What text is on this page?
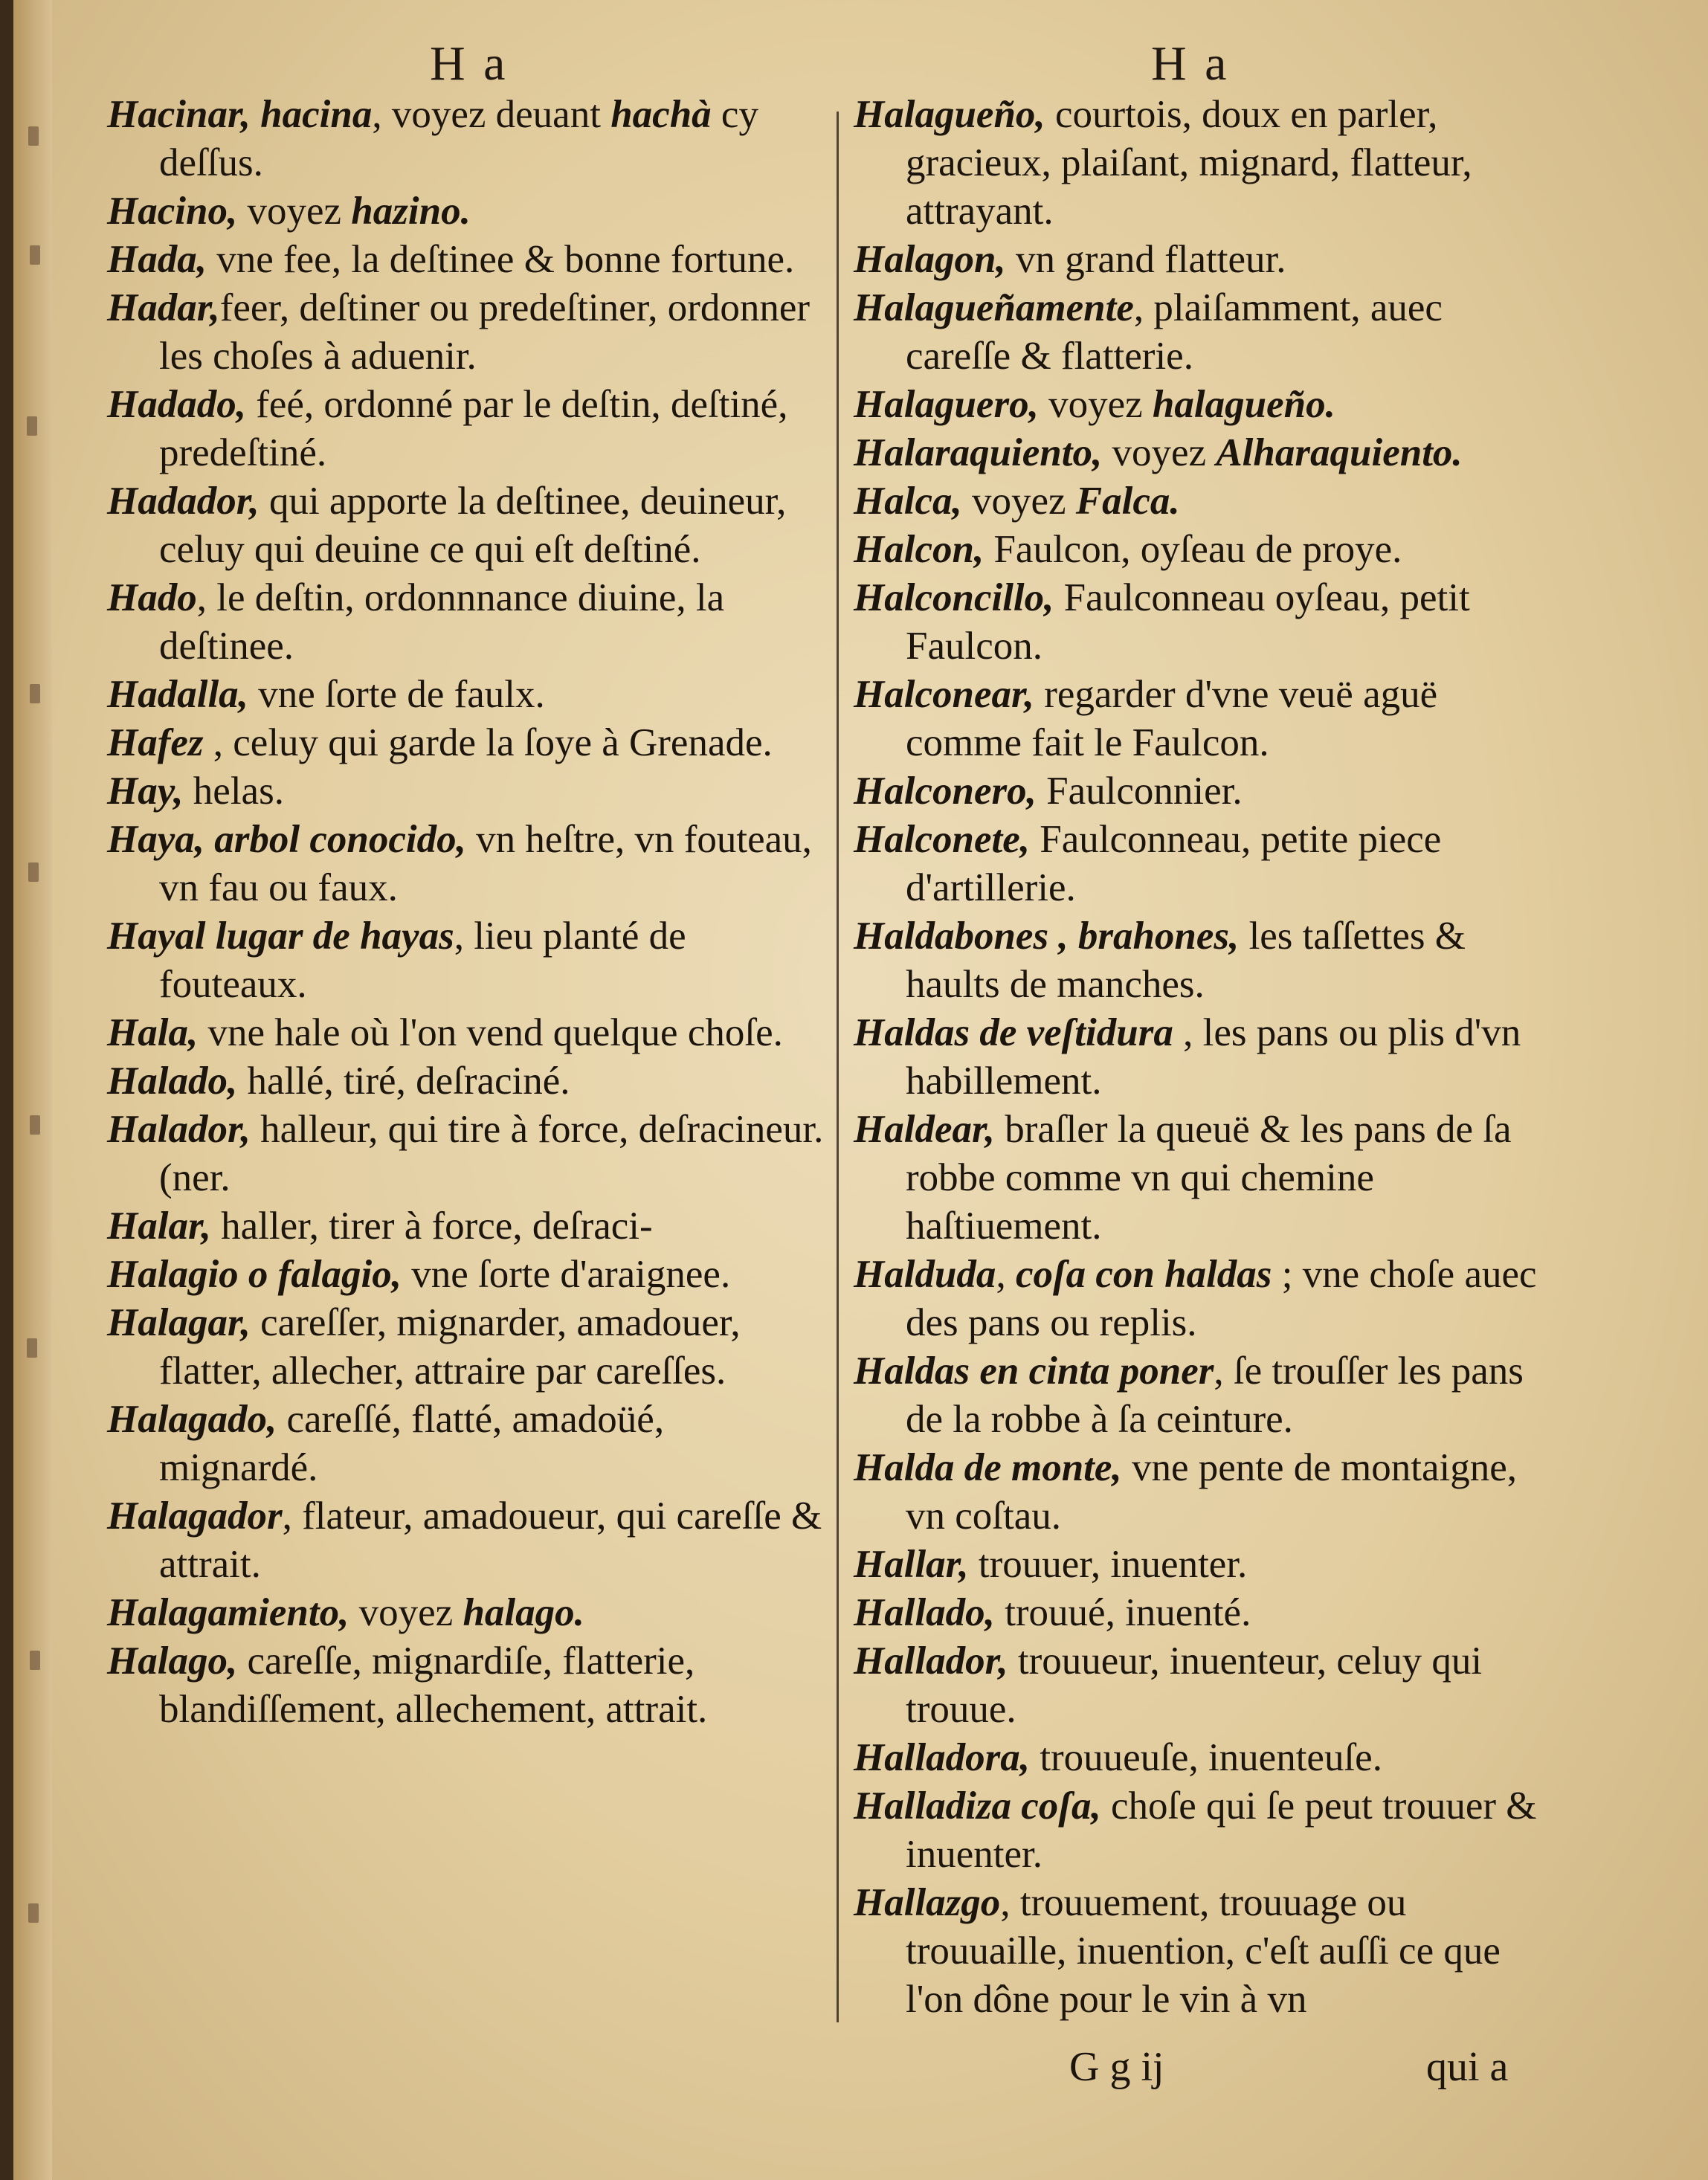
H a	H a

Hacinar, hacina, voyez deuant hachà cy deſſus.

Hacino, voyez hazino.

Hada, vne fee, la deſtinee & bonne fortune.

Hadar,feer, deſtiner ou predeſtiner, ordonner les choſes à aduenir.

Hadado, feé, ordonné par le deſtin, deſtiné, predeſtiné.

Hadador, qui apporte la deſtinee, deuineur, celuy qui deuine ce qui eſt deſtiné.

Hado, le deſtin, ordonnnance diuine, la deſtinee.

Hadalla, vne ſorte de faulx.

Hafez , celuy qui garde la ſoye à Grenade.

Hay, helas.

Haya, arbol conocido, vn heſtre, vn fouteau, vn fau ou faux.

Hayal lugar de hayas, lieu planté de fouteaux.

Hala, vne hale où l'on vend quelque choſe.

Halado, hallé, tiré, deſraciné.

Halador, halleur, qui tire à force, deſracineur. (ner.

Halar, haller, tirer à force, deſraci-

Halagio o falagio, vne ſorte d'araignee.

Halagar, careſſer, mignarder, amadouer, flatter, allecher, attraire par careſſes.

Halagado, careſſé, flatté, amadoüé, mignardé.

Halagador, flateur, amadoueur, qui careſſe & attrait.

Halagamiento, voyez halago.

Halago, careſſe, mignardiſe, flatterie, blandiſſement, allechement, attrait.

Halagueño, courtois, doux en parler, gracieux, plaiſant, mignard, flatteur, attrayant.

Halagon, vn grand flatteur.

Halagueñamente, plaiſamment, auec careſſe & flatterie.

Halaguero, voyez halagueño.

Halaraquiento, voyez Alharaquiento.

Halca, voyez Falca.

Halcon, Faulcon, oyſeau de proye.

Halconcillo, Faulconneau oyſeau, petit Faulcon.

Halconear, regarder d'vne veuë aguë comme fait le Faulcon.

Halconero, Faulconnier.

Halconete, Faulconneau, petite piece d'artillerie.

Haldabones , brahones, les taſſettes & haults de manches.

Haldas de veſtidura , les pans ou plis d'vn habillement.

Haldear, braſler la queuë & les pans de ſa robbe comme vn qui chemine haſtiuement.

Halduda, coſa con haldas ; vne choſe auec des pans ou replis.

Haldas en cinta poner, ſe trouſſer les pans de la robbe à ſa ceinture.

Halda de monte, vne pente de montaigne, vn coſtau.

Hallar, trouuer, inuenter.

Hallado, trouué, inuenté.

Hallador, trouueur, inuenteur, celuy qui trouue.

Halladora, trouueuſe, inuenteuſe.

Halladiza coſa, choſe qui ſe peut trouuer & inuenter.

Hallazgo, trouuement, trouuage ou trouuaille, inuention, c'eſt auſſi ce que l'on dône pour le vin à vn

G g ij	qui a
